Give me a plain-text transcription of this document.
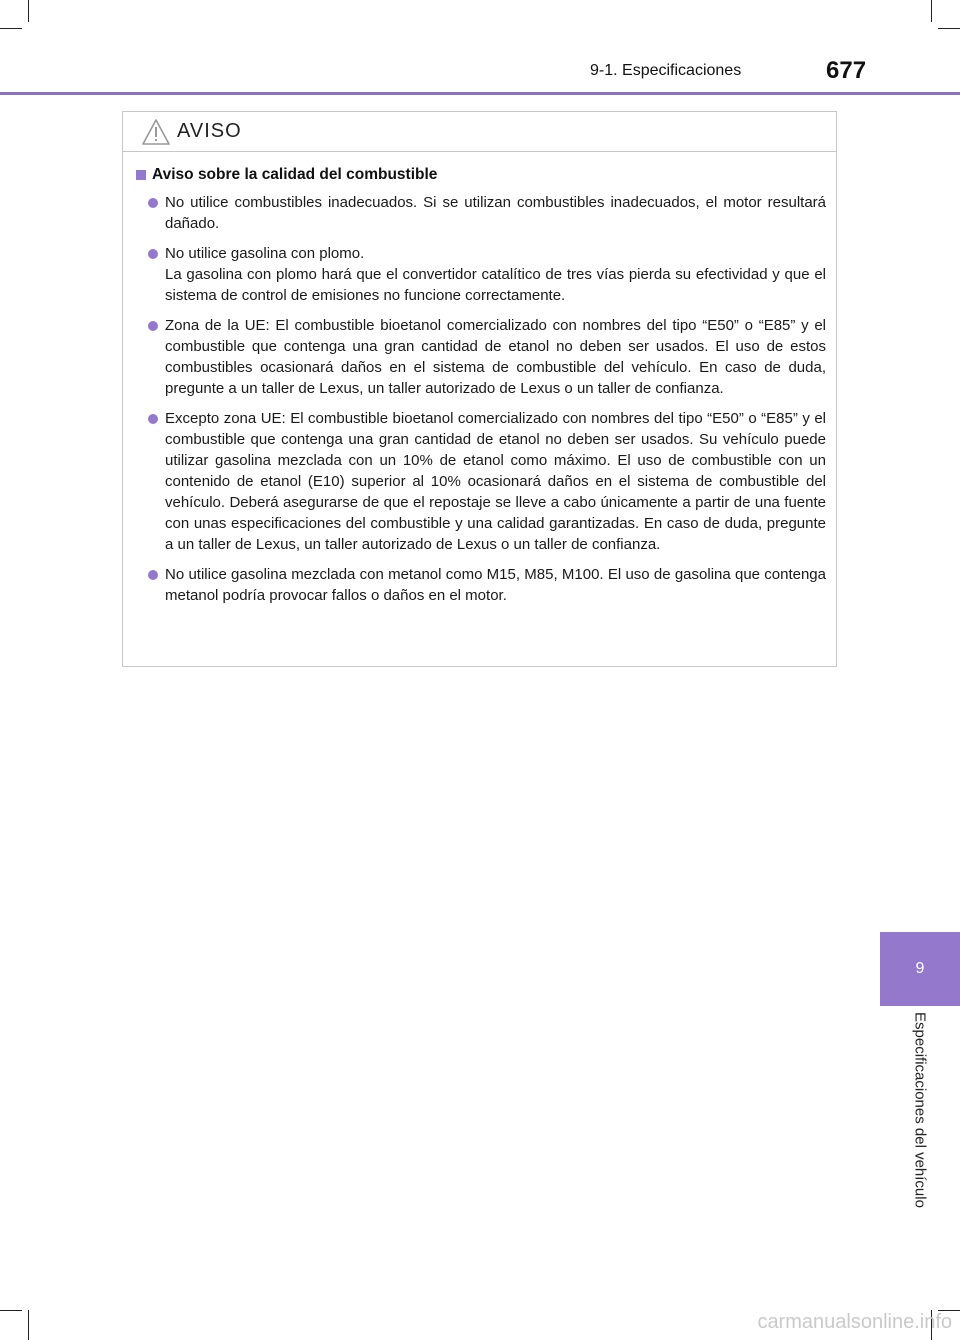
9-1. Especificaciones	677
AVISO
Aviso sobre la calidad del combustible
No utilice combustibles inadecuados. Si se utilizan combustibles inadecuados, el motor resultará dañado.
No utilice gasolina con plomo.
La gasolina con plomo hará que el convertidor catalítico de tres vías pierda su efectividad y que el sistema de control de emisiones no funcione correctamente.
Zona de la UE: El combustible bioetanol comercializado con nombres del tipo “E50” o “E85” y el combustible que contenga una gran cantidad de etanol no deben ser usados. El uso de estos combustibles ocasionará daños en el sistema de combustible del vehículo. En caso de duda, pregunte a un taller de Lexus, un taller autorizado de Lexus o un taller de confianza.
Excepto zona UE: El combustible bioetanol comercializado con nombres del tipo “E50” o “E85” y el combustible que contenga una gran cantidad de etanol no deben ser usados. Su vehículo puede utilizar gasolina mezclada con un 10% de etanol como máximo. El uso de combustible con un contenido de etanol (E10) superior al 10% ocasionará daños en el sistema de combustible del vehículo. Deberá asegurarse de que el repostaje se lleve a cabo únicamente a partir de una fuente con unas especificaciones del combustible y una calidad garantizadas. En caso de duda, pregunte a un taller de Lexus, un taller autorizado de Lexus o un taller de confianza.
No utilice gasolina mezclada con metanol como M15, M85, M100. El uso de gasolina que contenga metanol podría provocar fallos o daños en el motor.
9
Especificaciones del vehículo
carmanualsonline.info
